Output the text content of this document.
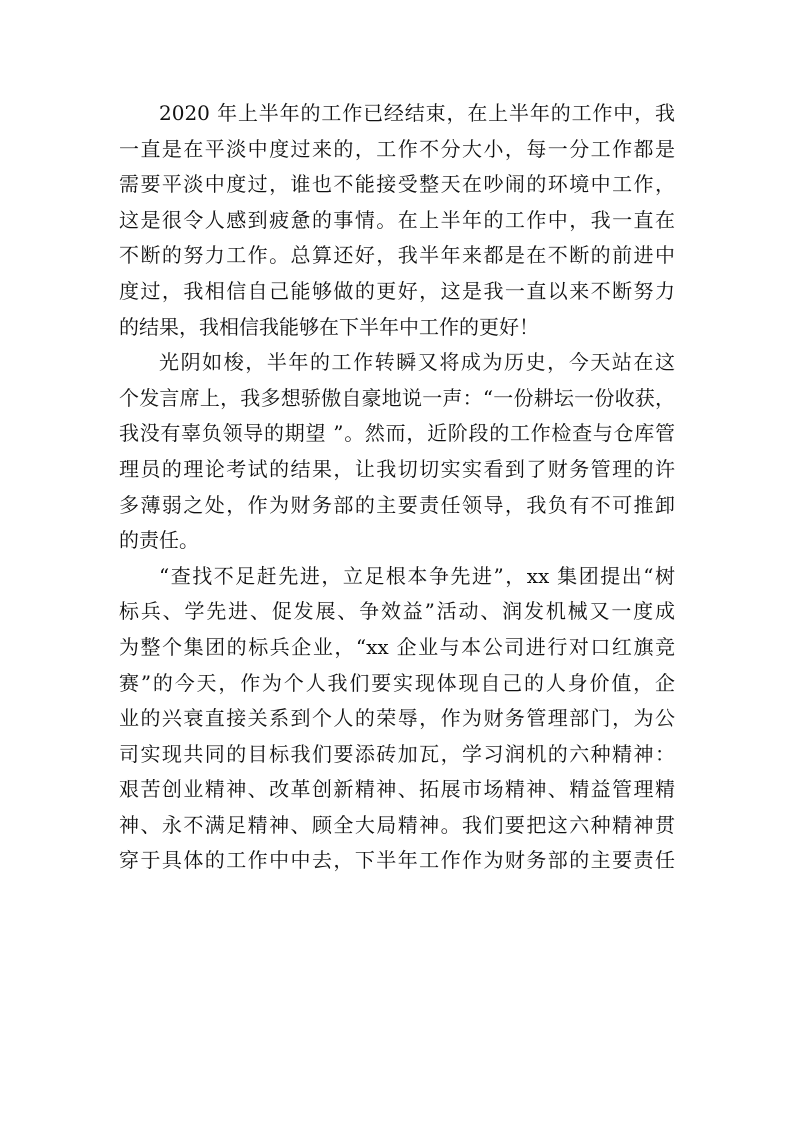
2020 年上半年的工作已经结束，在上半年的工作中，我
一直是在平淡中度过来的，工作不分大小，每一分工作都是
需要平淡中度过，谁也不能接受整天在吵闹的环境中工作，
这是很令人感到疲惫的事情。在上半年的工作中，我一直在
不断的努力工作。总算还好，我半年来都是在不断的前进中
度过，我相信自己能够做的更好，这是我一直以来不断努力
的结果，我相信我能够在下半年中工作的更好！
光阴如梭，半年的工作转瞬又将成为历史，今天站在这
个发言席上，我多想骄傲自豪地说一声：“一份耕坛一份收获，
我没有辜负领导的期望 ”。然而，近阶段的工作检查与仓库管
理员的理论考试的结果，让我切切实实看到了财务管理的许
多薄弱之处，作为财务部的主要责任领导，我负有不可推卸
的责任。
“查找不足赶先进，立足根本争先进”，xx 集团提出“树
标兵、学先进、促发展、争效益”活动、润发机械又一度成
为整个集团的标兵企业，“xx 企业与本公司进行对口红旗竞
赛”的今天，作为个人我们要实现体现自己的人身价值，企
业的兴衰直接关系到个人的荣辱，作为财务管理部门，为公
司实现共同的目标我们要添砖加瓦，学习润机的六种精神：
艰苦创业精神、改革创新精神、拓展市场精神、精益管理精
神、永不满足精神、顾全大局精神。我们要把这六种精神贯
穿于具体的工作中中去，下半年工作作为财务部的主要责任
